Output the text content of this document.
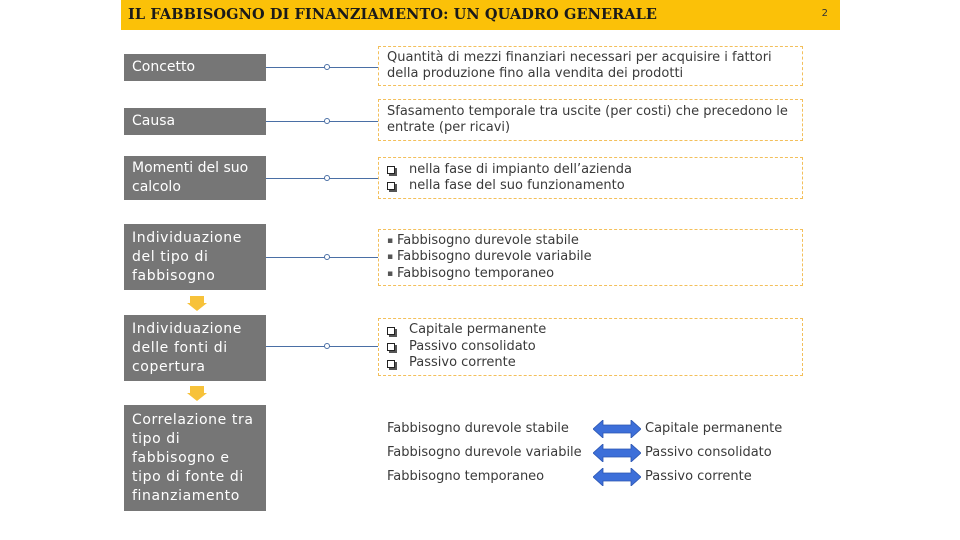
IL FABBISOGNO DI FINANZIAMENTO: UN QUADRO GENERALE	2
Concetto
Quantità di mezzi finanziari necessari per acquisire i fattori della produzione fino alla vendita dei prodotti
Causa
Sfasamento temporale tra uscite (per costi) che precedono le entrate (per ricavi)
Momenti del suo calcolo
nella fase di impianto dell’azienda
nella fase del suo funzionamento
Individuazione del tipo di fabbisogno
▪ Fabbisogno durevole stabile
▪ Fabbisogno durevole variabile
▪ Fabbisogno temporaneo
Individuazione delle fonti di copertura
Capitale permanente
Passivo consolidato
Passivo corrente
Correlazione tra tipo di fabbisogno e tipo di fonte di finanziamento
Fabbisogno durevole stabile	Capitale permanente
Fabbisogno durevole variabile	Passivo consolidato
Fabbisogno temporaneo	Passivo corrente
